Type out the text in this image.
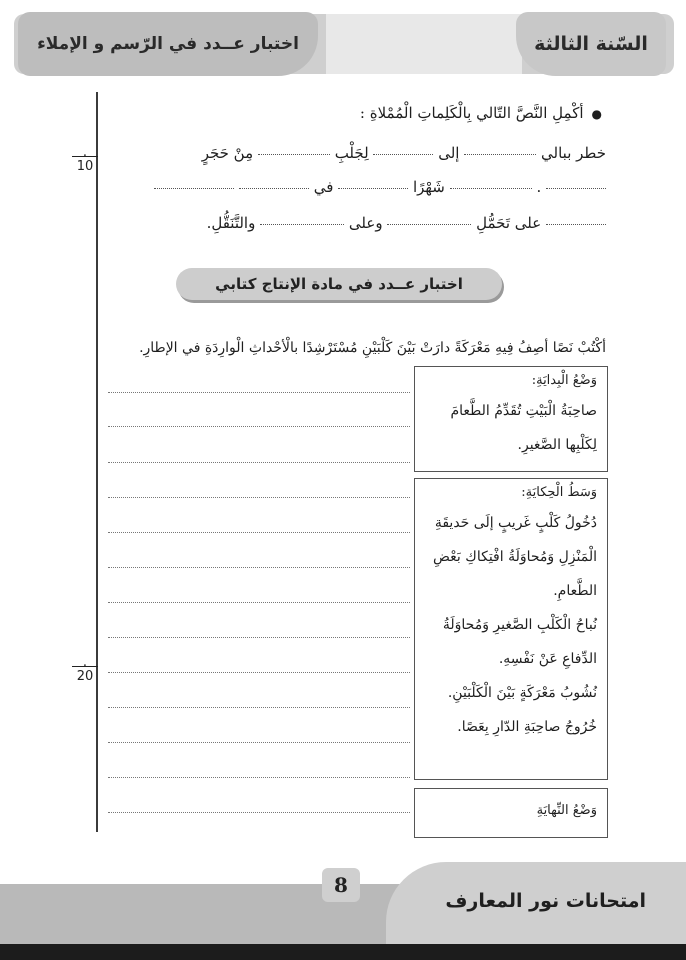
اختبار عــدد في الرّسم و الإملاء	السّنة الثالثة
.
10
.
20
●أكْمِلِ النَّصَّ التّالي بِالْكَلِماتِ الْمُمْلاةِ :
خطر ببالي  إلى  لِجَلْبِ  مِنْ حَجَرٍ
.  شَهْرًا  في
على تَحَمُّلِ  وعلى  والتَّنَقُّلِ.
اختبار عــدد في مادة الإنتاج كتابي
أكْتُبْ نَصًا أصِفُ فِيهِ مَعْرَكَةً دارَتْ بَيْنَ كَلْبَيْنِ مُسْتَرْشِدًا بالْأحْداثِ الْوارِدَةِ في الإطارِ.
وَضْعُ الْبِدايَةِ:
صاحِبَةُ الْبَيْتِ تُقَدِّمُ الطَّعامَ
لِكَلْبِها الصَّغيرِ.
وَسَطُ الْحِكايَةِ:
دُخُولُ كَلْبٍ غَريبٍ إلَى حَديقَةِ
الْمَنْزِلِ وَمُحاوَلَةُ افْتِكاكِ بَعْضِ
الطَّعامِ.
نُباحُ الْكَلْبِ الصَّغيرِ وَمُحاوَلَةُ
الدِّفاعِ عَنْ نَفْسِهِ.
نُشُوبُ مَعْرَكَةٍ بَيْنَ الْكَلْبَيْنِ.
خُرُوجُ صاحِبَةِ الدّارِ بِعَصًا.
وَضْعُ النِّهايَةِ
8
امتحانات نور المعارف
